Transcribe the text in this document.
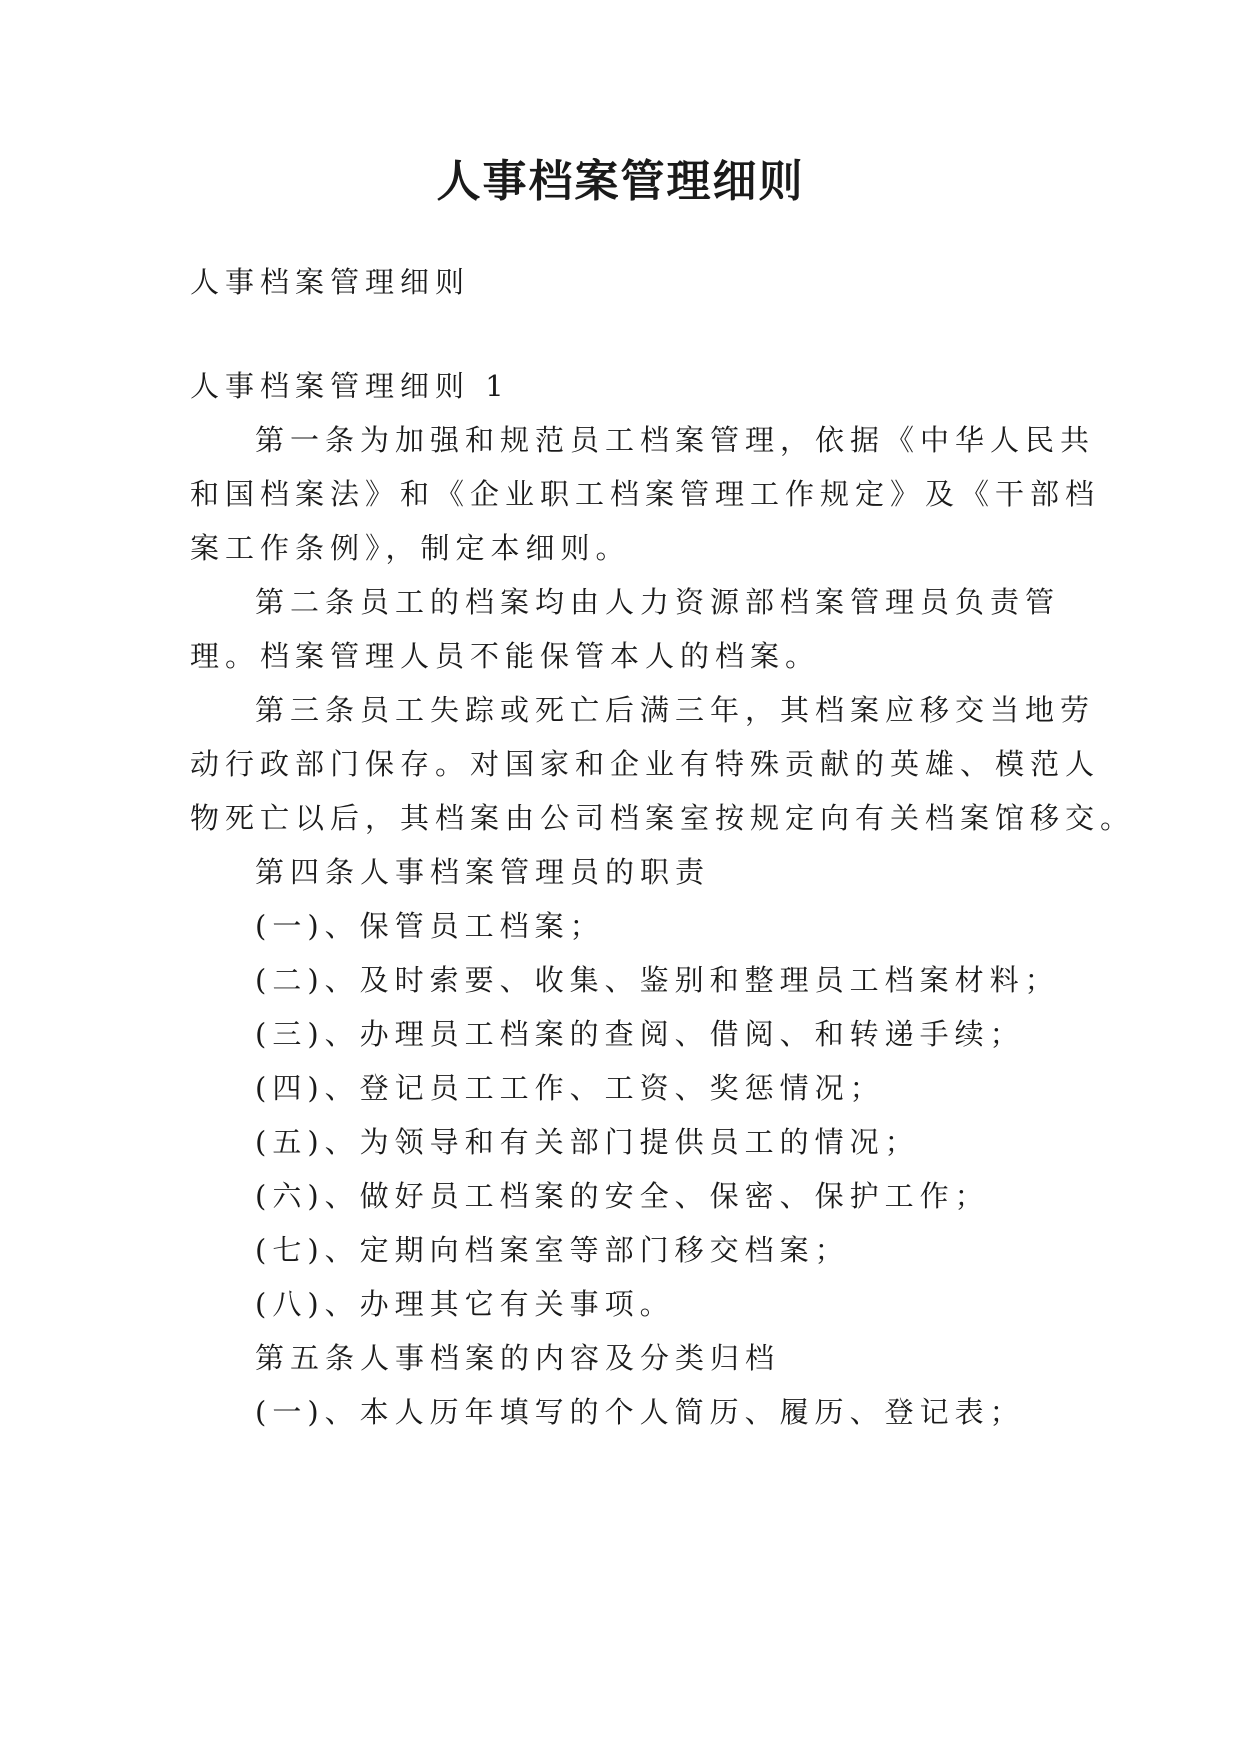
人事档案管理细则
人事档案管理细则
人事档案管理细则 1
第一条为加强和规范员工档案管理，依据《中华人民共
和国档案法》和《企业职工档案管理工作规定》及《干部档
案工作条例》，制定本细则。
第二条员工的档案均由人力资源部档案管理员负责管
理。档案管理人员不能保管本人的档案。
第三条员工失踪或死亡后满三年，其档案应移交当地劳
动行政部门保存。对国家和企业有特殊贡献的英雄、模范人
物死亡以后，其档案由公司档案室按规定向有关档案馆移交。
第四条人事档案管理员的职责
(一)、保管员工档案；
(二)、及时索要、收集、鉴别和整理员工档案材料；
(三)、办理员工档案的查阅、借阅、和转递手续；
(四)、登记员工工作、工资、奖惩情况；
(五)、为领导和有关部门提供员工的情况；
(六)、做好员工档案的安全、保密、保护工作；
(七)、定期向档案室等部门移交档案；
(八)、办理其它有关事项。
第五条人事档案的内容及分类归档
(一)、本人历年填写的个人简历、履历、登记表；
